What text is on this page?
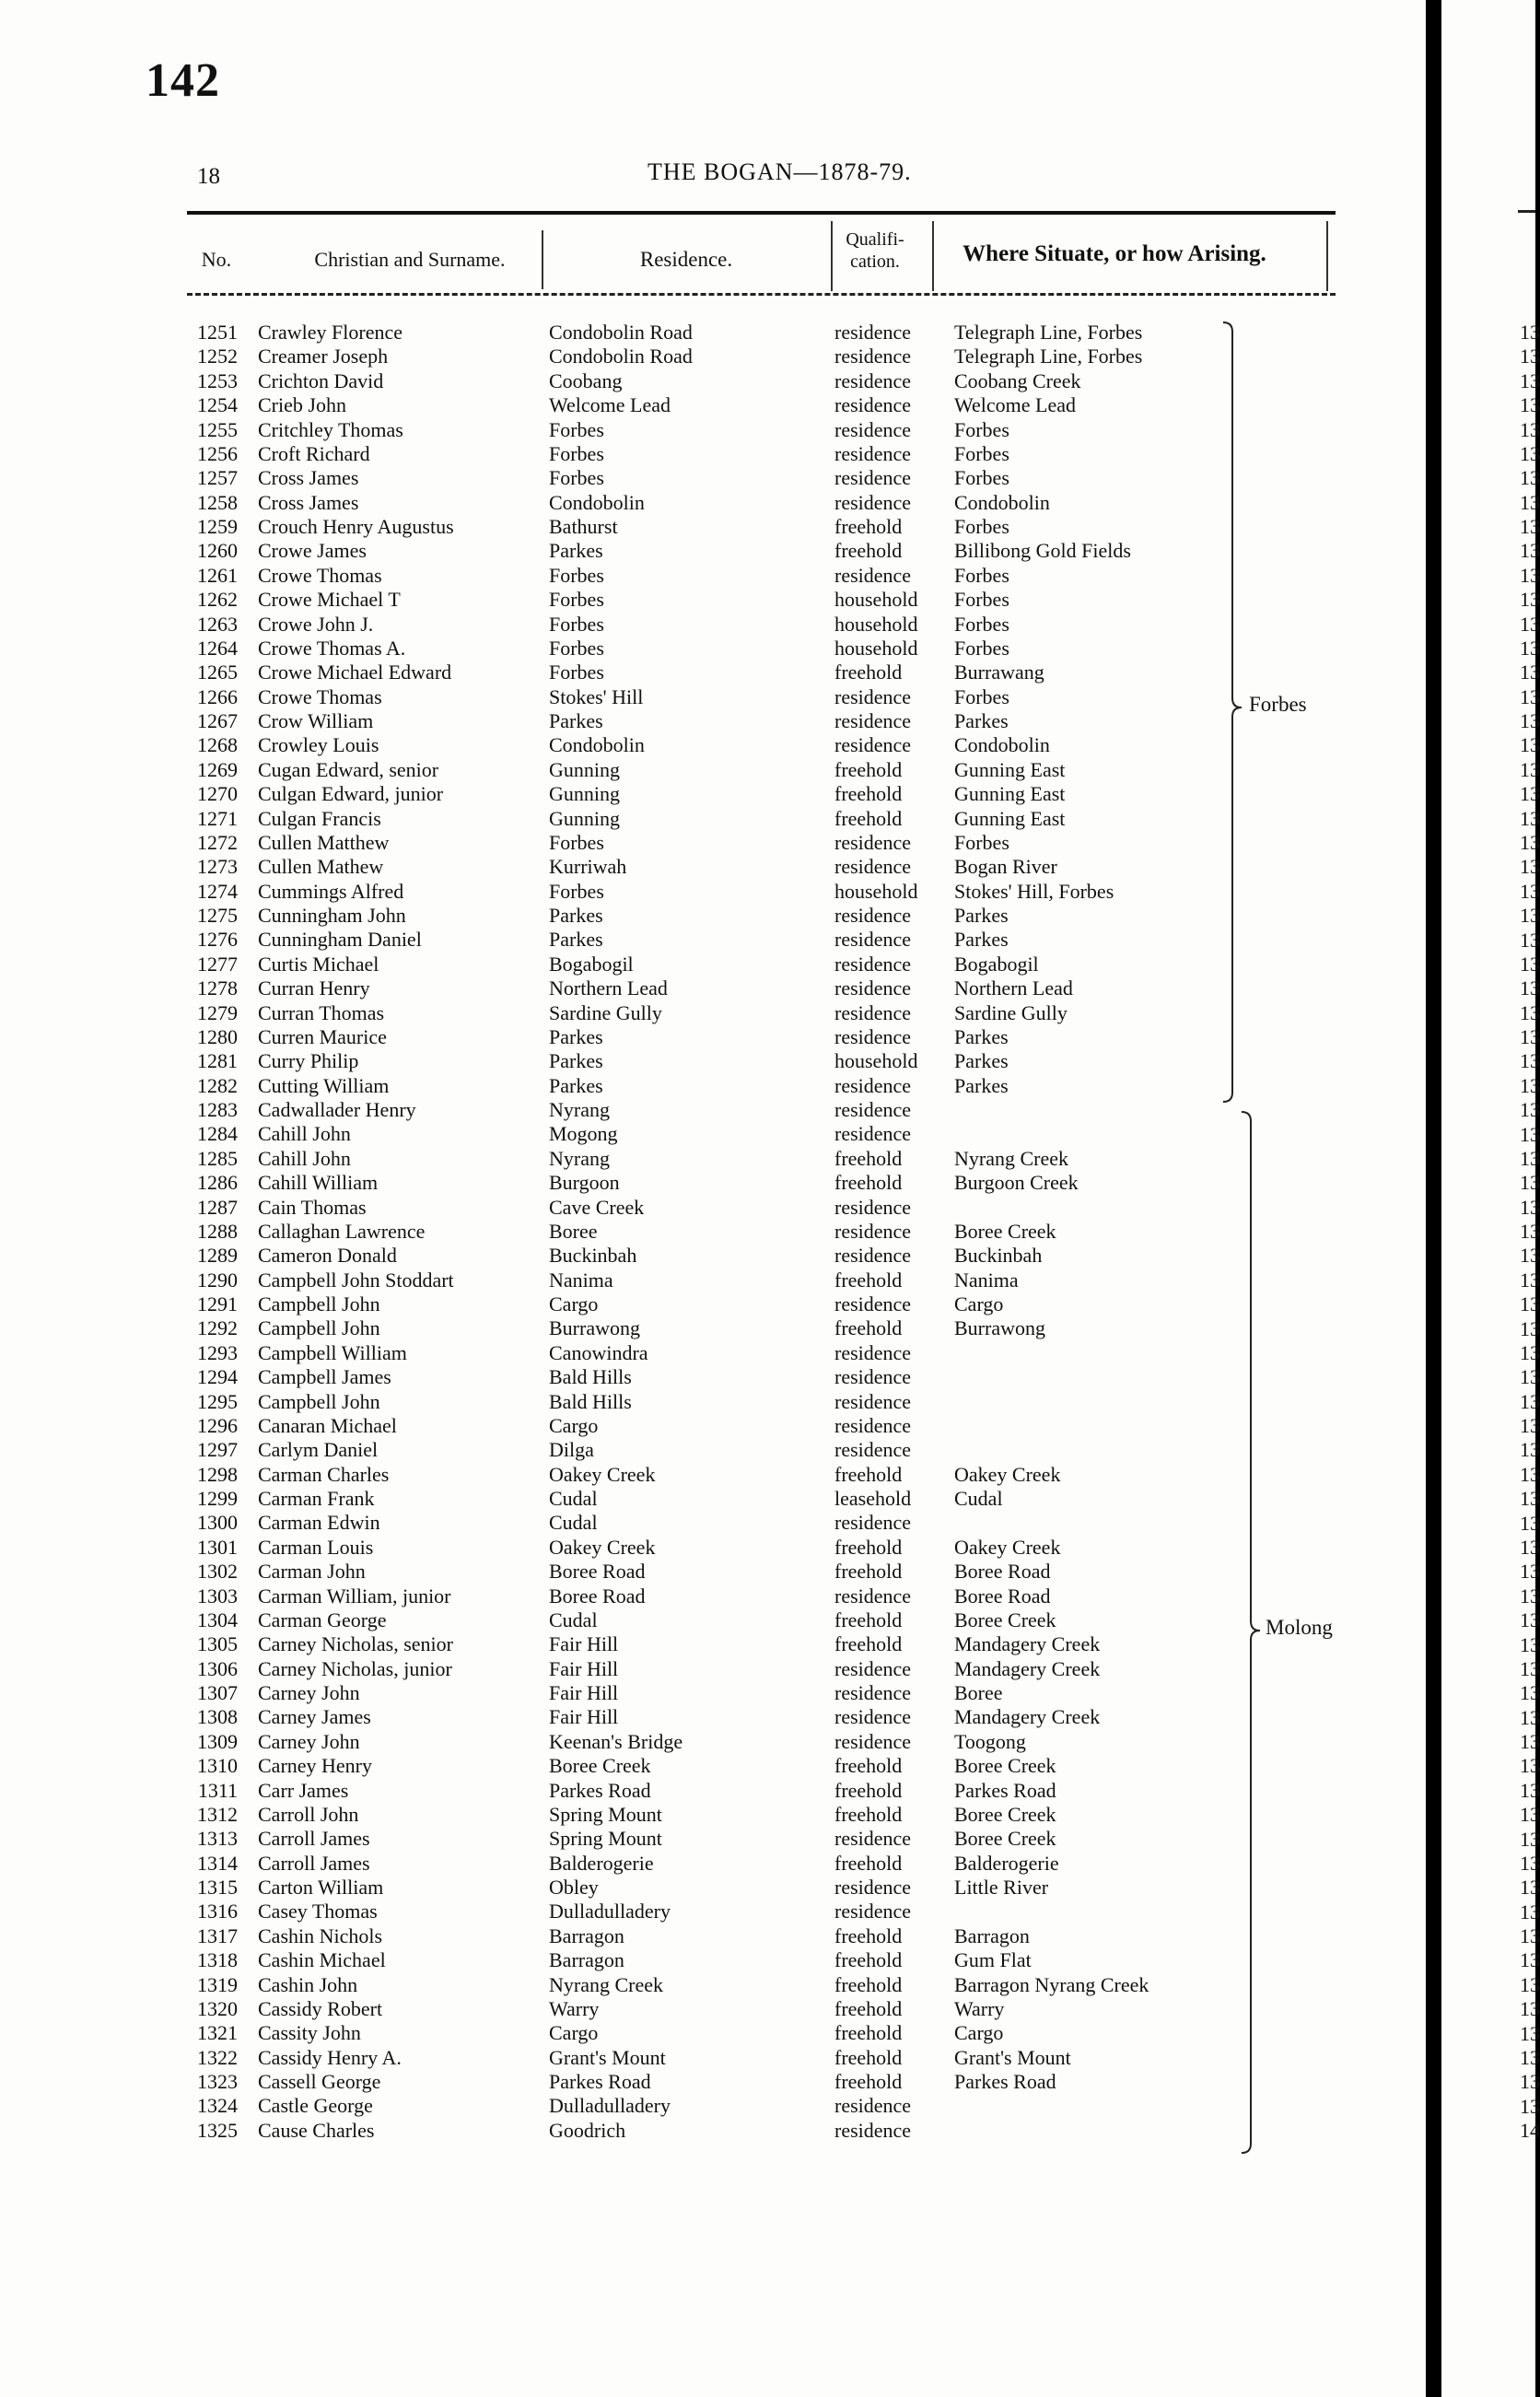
142
18	THE BOGAN—1878-79.
No.	Christian and Surname.	Residence.
Qualifi-
cation.	Where Situate, or how Arising.
1251 Crawley Florence	Condobolin Road	residence Telegraph Line, Forbes
1252 Creamer Joseph	Condobolin Road	residence Telegraph Line, Forbes
1253 Crichton David	Coobang	residence Coobang Creek
1254 Crieb John	Welcome Lead	residence Welcome Lead
1255 Critchley Thomas	Forbes	residence Forbes
1256 Croft Richard	Forbes	residence Forbes
1257 Cross James	Forbes	residence Forbes
1258 Cross James	Condobolin	residence Condobolin
1259 Crouch Henry Augustus	Bathurst	freehold	Forbes
1260 Crowe James	Parkes	freehold	Billibong Gold Fields
1261 Crowe Thomas	Forbes	residence Forbes
1262 Crowe Michael T	Forbes	household Forbes
1263 Crowe John J.	Forbes	household Forbes
1264 Crowe Thomas A.	Forbes	household Forbes
1265 Crowe Michael Edward	Forbes	freehold	Burrawang
1266 Crowe Thomas	Stokes' Hill	residence Forbes
1267 Crow William	Parkes	residence Parkes
1268 Crowley Louis	Condobolin	residence Condobolin
1269 Cugan Edward, senior	Gunning	freehold	Gunning East
1270 Culgan Edward, junior	Gunning	freehold	Gunning East
1271 Culgan Francis	Gunning	freehold	Gunning East
1272 Cullen Matthew	Forbes	residence Forbes
1273 Cullen Mathew	Kurriwah	residence Bogan River
1274 Cummings Alfred	Forbes	household Stokes' Hill, Forbes
1275 Cunningham John	Parkes	residence Parkes
1276 Cunningham Daniel	Parkes	residence Parkes
1277 Curtis Michael	Bogabogil	residence Bogabogil
1278 Curran Henry	Northern Lead	residence Northern Lead
1279 Curran Thomas	Sardine Gully	residence Sardine Gully
1280 Curren Maurice	Parkes	residence Parkes
1281 Curry Philip	Parkes	household Parkes
1282 Cutting William	Parkes	residence Parkes
1283 Cadwallader Henry	Nyrang	residence
1284 Cahill John	Mogong	residence
1285 Cahill John	Nyrang	freehold	Nyrang Creek
1286 Cahill William	Burgoon	freehold	Burgoon Creek
1287 Cain Thomas	Cave Creek	residence
1288 Callaghan Lawrence	Boree	residence Boree Creek
1289 Cameron Donald	Buckinbah	residence Buckinbah
1290 Campbell John Stoddart	Nanima	freehold	Nanima
1291 Campbell John	Cargo	residence Cargo
1292 Campbell John	Burrawong	freehold	Burrawong
1293 Campbell William	Canowindra	residence
1294 Campbell James	Bald Hills	residence
1295 Campbell John	Bald Hills	residence
1296 Canaran Michael	Cargo	residence
1297 Carlym Daniel	Dilga	residence
1298 Carman Charles	Oakey Creek	freehold	Oakey Creek
1299 Carman Frank	Cudal	leasehold Cudal
1300 Carman Edwin	Cudal	residence
1301 Carman Louis	Oakey Creek	freehold	Oakey Creek
1302 Carman John	Boree Road	freehold	Boree Road
1303 Carman William, junior	Boree Road	residence Boree Road
1304 Carman George	Cudal	freehold	Boree Creek
1305 Carney Nicholas, senior	Fair Hill	freehold	Mandagery Creek
1306 Carney Nicholas, junior	Fair Hill	residence Mandagery Creek
1307 Carney John	Fair Hill	residence Boree
1308 Carney James	Fair Hill	residence Mandagery Creek
1309 Carney John	Keenan's Bridge	residence Toogong
1310 Carney Henry	Boree Creek	freehold	Boree Creek
1311 Carr James	Parkes Road	freehold	Parkes Road
1312 Carroll John	Spring Mount	freehold	Boree Creek
1313 Carroll James	Spring Mount	residence Boree Creek
1314 Carroll James	Balderogerie	freehold	Balderogerie
1315 Carton William	Obley	residence Little River
1316 Casey Thomas	Dulladulladery	residence
1317 Cashin Nichols	Barragon	freehold	Barragon
1318 Cashin Michael	Barragon	freehold	Gum Flat
1319 Cashin John	Nyrang Creek	freehold	Barragon Nyrang Creek
1320 Cassidy Robert	Warry	freehold	Warry
1321 Cassity John	Cargo	freehold	Cargo
1322 Cassidy Henry A.	Grant's Mount	freehold	Grant's Mount
1323 Cassell George	Parkes Road	freehold	Parkes Road
1324 Castle George	Dulladulladery	residence
1325 Cause Charles	Goodrich	residence
Forbes
Molong
13
13
13
13
13
13
13
13
13
13
13
13
13
13
13
13
13
13
13
13
13
13
13
13
13
13
13
13
13
13
13
13
13
13
13
13
13
13
13
13
13
13
13
13
13
13
13
13
13
13
13
13
13
13
13
13
13
13
13
13
13
13
13
13
13
13
13
13
13
13
13
13
13
13
14
